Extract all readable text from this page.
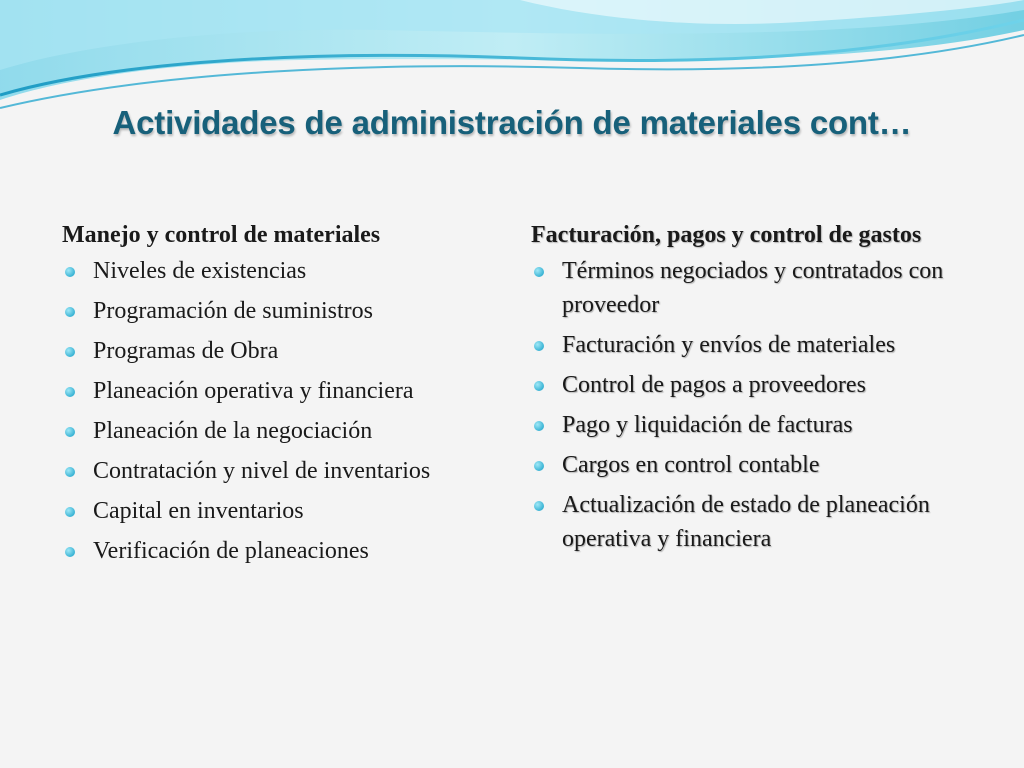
Actividades de administración de materiales cont…
Manejo y control de materiales
Niveles de existencias
Programación de suministros
Programas de Obra
Planeación operativa y financiera
Planeación de la negociación
Contratación y nivel de inventarios
Capital en inventarios
Verificación de planeaciones
Facturación, pagos y control de gastos
Términos negociados y contratados con proveedor
Facturación y envíos de materiales
Control de pagos a proveedores
Pago y liquidación de facturas
Cargos en control contable
Actualización de estado de planeación operativa y financiera
